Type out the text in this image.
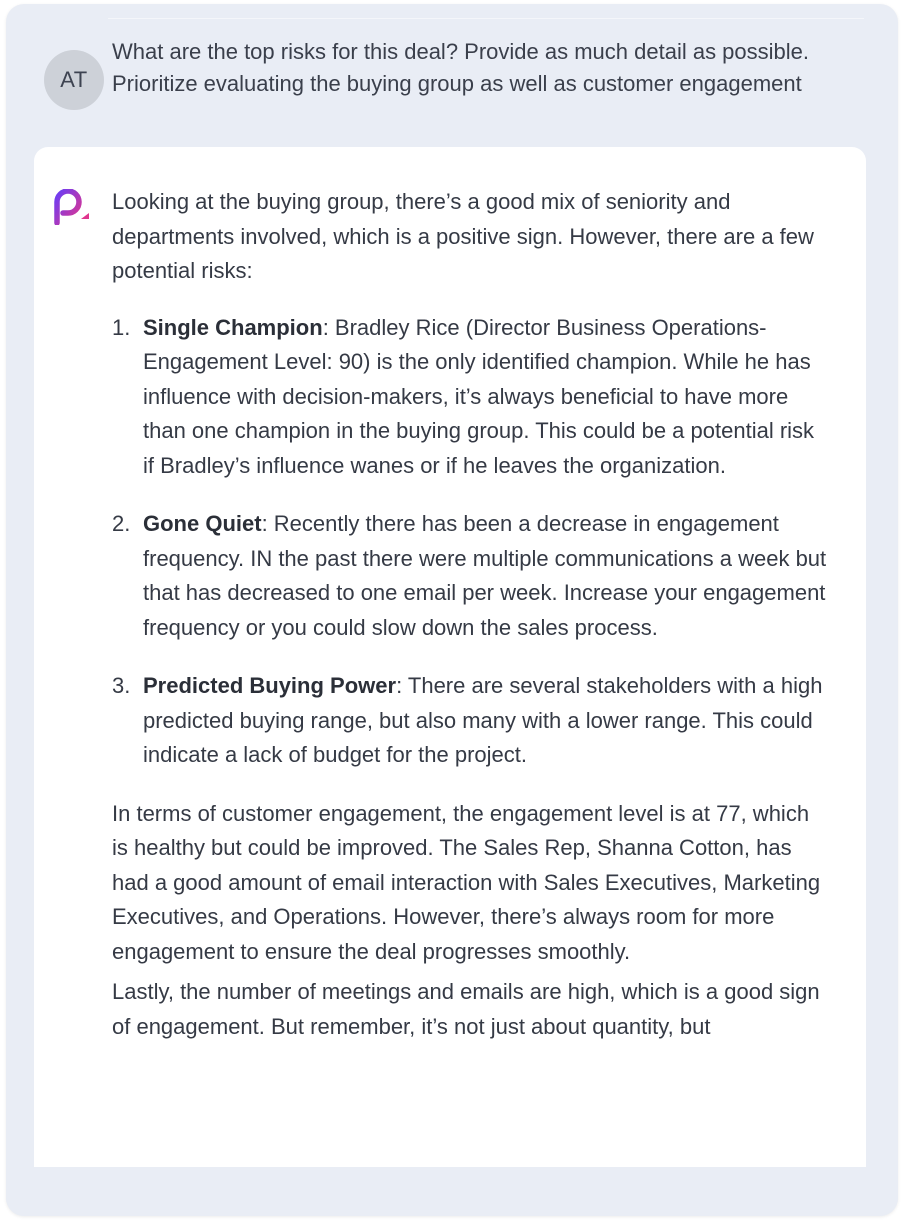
AT
What are the top risks for this deal? Provide as much detail as possible. Prioritize evaluating the buying group as well as customer engagement

Looking at the buying group, there’s a good mix of seniority and departments involved, which is a positive sign. However, there are a few potential risks:

1. Single Champion: Bradley Rice (Director Business Operations- Engagement Level: 90) is the only identified champion. While he has influence with decision-makers, it’s always beneficial to have more than one champion in the buying group. This could be a potential risk if Bradley’s influence wanes or if he leaves the organization.
2. Gone Quiet: Recently there has been a decrease in engagement frequency. IN the past there were multiple communications a week but that has decreased to one email per week. Increase your engagement frequency or you could slow down the sales process.
3. Predicted Buying Power: There are several stakeholders with a high predicted buying range, but also many with a lower range. This could indicate a lack of budget for the project.

In terms of customer engagement, the engagement level is at 77, which is healthy but could be improved. The Sales Rep, Shanna Cotton, has had a good amount of email interaction with Sales Executives, Marketing Executives, and Operations. However, there’s always room for more engagement to ensure the deal progresses smoothly.

Lastly, the number of meetings and emails are high, which is a good sign of engagement. But remember, it’s not just about quantity, but
